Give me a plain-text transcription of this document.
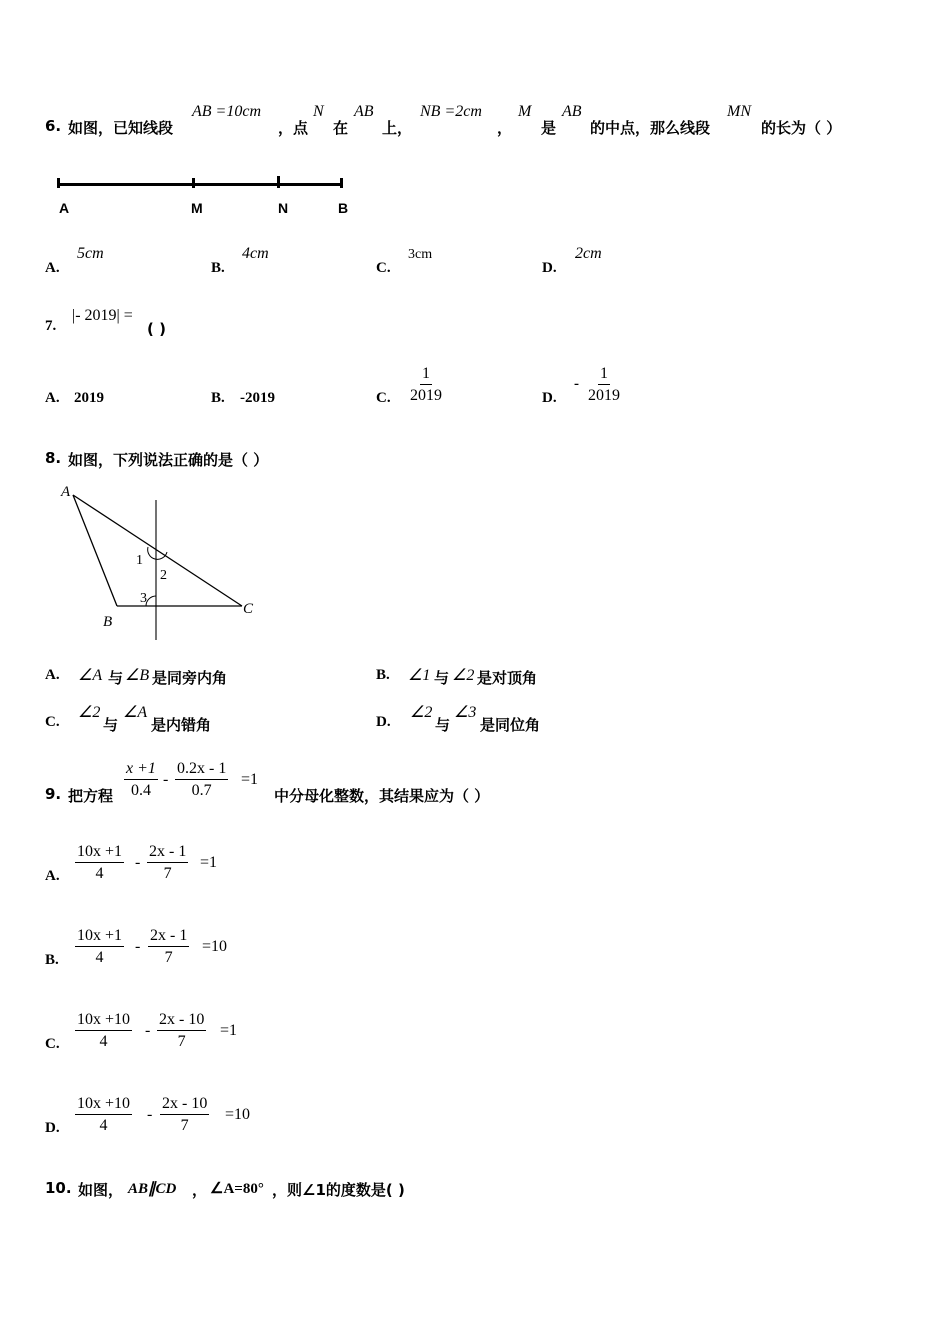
6. 如图，已知线段
AB =10cm
，点
N
在
AB
上，
NB =2cm
，
M
是
AB
的中点，那么线段
MN
的长为（ ）
A	M	N	B
A.
5cm
B.
4cm
C.
3cm
D.
2cm
7.
|- 2019| =
( )
A. 2019	B. -2019	C. $\frac{1}{2019}$	D.
- $\frac{1}{2019}$
8. 如图，下列说法正确的是（ ）
A
B
C
1
2
3
A. ∠A 与 ∠B 是同旁内角	B. ∠1 与 ∠2 是对顶角
C.
∠2
与
∠A
是内错角	D.
∠2
与
∠3
是同位角
9. 把方程 $\frac{x +1}{0.4} - \frac{0.2x - 1}{0.7} =1$
中分母化整数，其结果应为（ ）
A. $\frac{10x +1}{4} - \frac{2x - 1}{7} =1$
B. $\frac{10x +1}{4} - \frac{2x - 1}{7} =10$
C. $\frac{10x +10}{4} - \frac{2x - 10}{7} =1$
D. $\frac{10x +10}{4} - \frac{2x - 10}{7} =10$
10. 如图， AB∥CD ， ∠A=80° ，则∠1的度数是( )
